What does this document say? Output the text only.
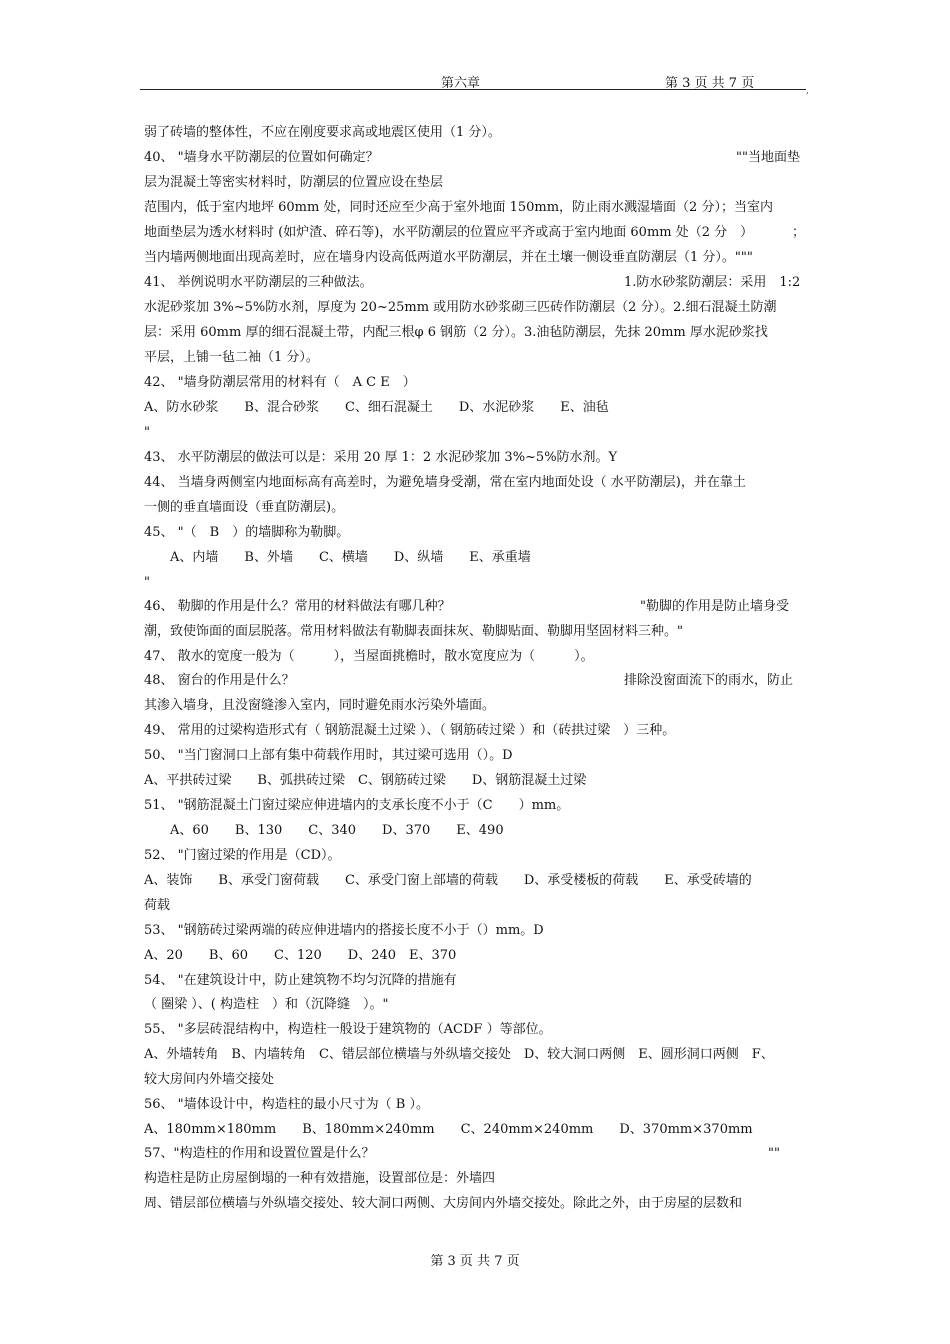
第六章	第 3 页 共 7 页	,
弱了砖墙的整体性，不应在刚度要求高或地震区使用（1 分）。
40、 "墙身水平防潮层的位置如何确定？
层为混凝土等密实材料时，防潮层的位置应设在垫层
范围内，低于室内地坪 60mm 处，同时还应至少高于室外地面 150mm，防止雨水溅湿墙面（2 分）；当室内
地面垫层为透水材料时 (如炉渣、碎石等)，水平防潮层的位置应平齐或高于室内地面 60mm 处（2 分　）
当内墙两侧地面出现高差时，应在墙身内设高低两道水平防潮层，并在土壤一侧设垂直防潮层（1 分）。"""
41、 举例说明水平防潮层的三种做法。
水泥砂浆加 3%~5%防水剂，厚度为 20~25mm 或用防水砂浆砌三匹砖作防潮层（2 分）。2.细石混凝土防潮
层：采用 60mm 厚的细石混凝土带，内配三根φ 6 钢筋（2 分）。3.油毡防潮层，先抹 20mm 厚水泥砂浆找
平层，上铺一毡二袖（1 分）。
42、 "墙身防潮层常用的材料有（　A C E　）
A、防水砂浆　　B、混合砂浆　　C、细石混凝土　　D、水泥砂浆　　E、油毡
"
43、 水平防潮层的做法可以是：采用 20 厚 1：2 水泥砂浆加 3%~5%防水剂。Y
44、 当墙身两侧室内地面标高有高差时，为避免墙身受潮，常在室内地面处设（ 水平防潮层)，并在靠土
一侧的垂直墙面设（垂直防潮层)。
45、 "（　B　）的墙脚称为勒脚。
　　A、内墙　　B、外墙　　C、横墙　　D、纵墙　　E、承重墙
"
46、 勒脚的作用是什么？常用的材料做法有哪几种？
潮，致使饰面的面层脱落。常用材料做法有勒脚表面抹灰、勒脚贴面、勒脚用坚固材料三种。"
47、 散水的宽度一般为（　　　），当屋面挑檐时，散水宽度应为（　　　）。
48、 窗台的作用是什么？
其渗入墙身，且没窗缝渗入室内，同时避免雨水污染外墙面。
49、 常用的过梁构造形式有（ 钢筋混凝土过梁 ）、（ 钢筋砖过梁 ）和（砖拱过梁　）三种。
50、 "当门窗洞口上部有集中荷载作用时，其过梁可选用（）。D
A、平拱砖过梁　　B、弧拱砖过梁　C、钢筋砖过梁　　D、钢筋混凝土过梁
51、 "钢筋混凝土门窗过梁应伸进墙内的支承长度不小于（C　　）mm。
　　A、60　　B、130　　C、340　　D、370　　E、490
52、 "门窗过梁的作用是（CD）。
A、装饰　　B、承受门窗荷载　　C、承受门窗上部墙的荷载　　D、承受楼板的荷载　　E、承受砖墙的
荷载
53、 "钢筋砖过梁两端的砖应伸进墙内的搭接长度不小于（）mm。D
A、20　　B、60　　C、120　　D、240　E、370
54、 "在建筑设计中，防止建筑物不均匀沉降的措施有
（ 圈梁 ）、( 构造柱　）和（沉降缝　）。"
55、 "多层砖混结构中，构造柱一般设于建筑物的（ACDF ）等部位。
A、外墙转角　B、内墙转角　C、错层部位横墙与外纵墙交接处　D、较大洞口两侧　E、圆形洞口两侧　F、
较大房间内外墙交接处
56、 "墙体设计中，构造柱的最小尺寸为（ B ）。
A、180mm×180mm　　B、180mm×240mm　　C、240mm×240mm　　D、370mm×370mm
57、"构造柱的作用和设置位置是什么？
构造柱是防止房屋倒塌的一种有效措施，设置部位是：外墙四
周、错层部位横墙与外纵墙交接处、较大洞口两侧、大房间内外墙交接处。除此之外，由于房屋的层数和
""当地面垫
；
1.防水砂浆防潮层：采用　1:2
"勒脚的作用是防止墙身受
排除没窗面流下的雨水，防止
""
第 3 页 共 7 页
